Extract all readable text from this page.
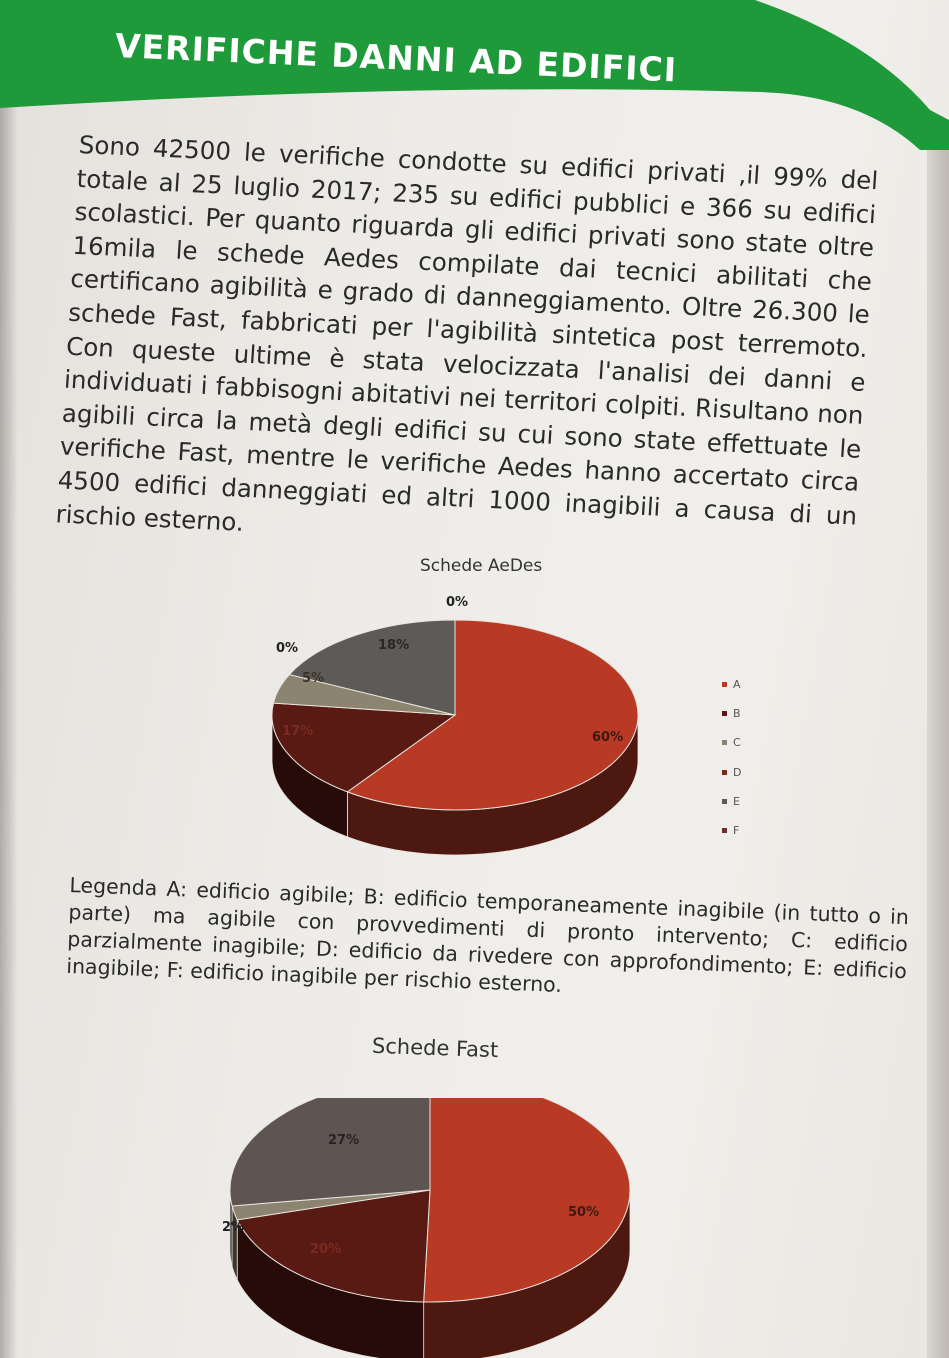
VERIFICHE DANNI AD EDIFICI
Sono 42500 le verifiche condotte su edifici privati ,il 99% del totale al 25 luglio 2017; 235 su edifici pubblici e 366 su edifici scolastici. Per quanto riguarda gli edifici privati sono state oltre 16mila le schede Aedes compilate dai tecnici abilitati che certificano agibilità e grado di danneggiamento. Oltre 26.300 le schede Fast, fabbricati per l'agibilità sintetica post terremoto. Con queste ultime è stata velocizzata l'analisi dei danni e individuati i fabbisogni abitativi nei territori colpiti. Risultano non agibili circa la metà degli edifici su cui sono state effettuate le verifiche Fast, mentre le verifiche Aedes hanno accertato circa 4500 edifici danneggiati ed altri 1000 inagibili a causa di un rischio esterno.
Schede AeDes
60%
17%
5%
0%	18%
0%
A
B
C
D
E
F
Legenda A: edificio agibile; B: edificio temporaneamente inagibile (in tutto o in parte) ma agibile con provvedimenti di pronto intervento; C: edificio parzialmente inagibile; D: edificio da rivedere con approfondimento; E: edificio inagibile; F: edificio inagibile per rischio esterno.
Schede Fast
50%
20%
2%
27%
